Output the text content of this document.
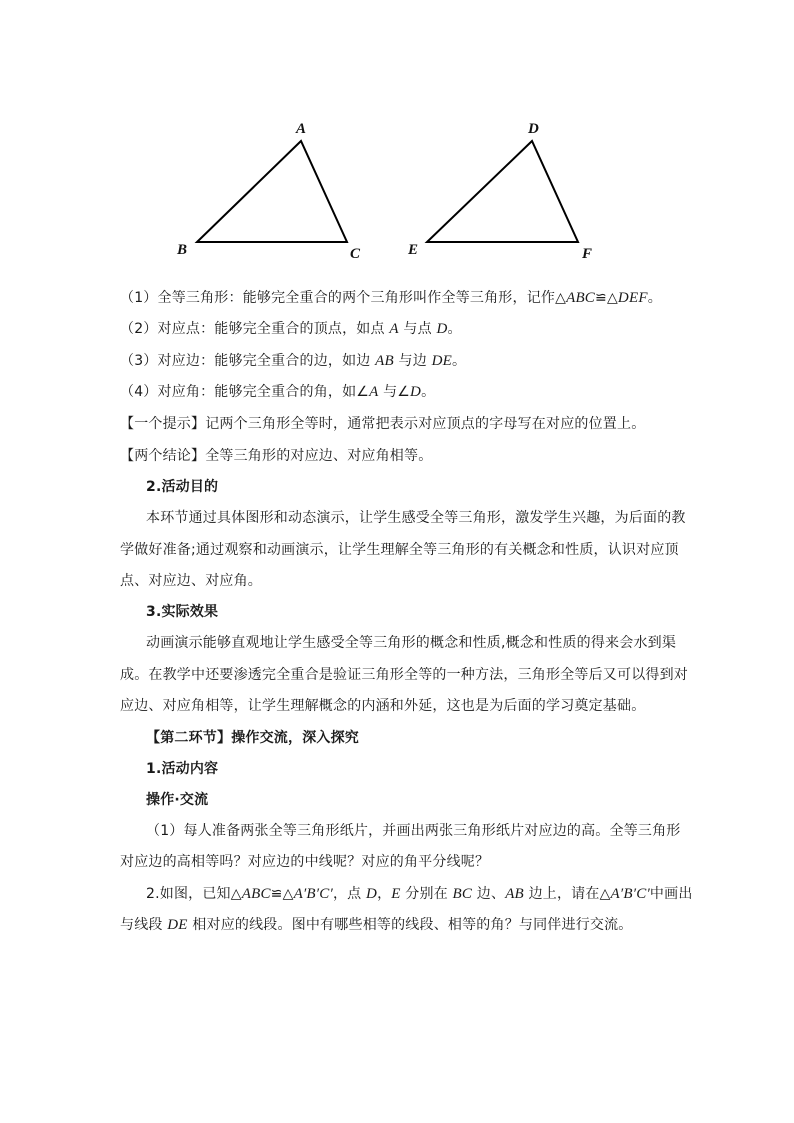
A
B	C
D
E	F
（1）全等三角形：能够完全重合的两个三角形叫作全等三角形，记作△ABC≌△DEF。
（2）对应点：能够完全重合的顶点，如点 A 与点 D。
（3）对应边：能够完全重合的边，如边 AB 与边 DE。
（4）对应角：能够完全重合的角，如∠A 与∠D。
【一个提示】记两个三角形全等时，通常把表示对应顶点的字母写在对应的位置上。
【两个结论】全等三角形的对应边、对应角相等。
2.活动目的
本环节通过具体图形和动态演示，让学生感受全等三角形，激发学生兴趣，为后面的教
学做好准备;通过观察和动画演示，让学生理解全等三角形的有关概念和性质，认识对应顶
点、对应边、对应角。
3.实际效果
动画演示能够直观地让学生感受全等三角形的概念和性质,概念和性质的得来会水到渠
成。在教学中还要渗透完全重合是验证三角形全等的一种方法，三角形全等后又可以得到对
应边、对应角相等，让学生理解概念的内涵和外延，这也是为后面的学习奠定基础。
【第二环节】操作交流，深入探究
1.活动内容
操作·交流
（1）每人准备两张全等三角形纸片，并画出两张三角形纸片对应边的高。全等三角形
对应边的高相等吗？对应边的中线呢？对应的角平分线呢？
2.如图，已知△ABC≌△A′B′C′，点 D，E 分别在 BC 边、AB 边上，请在△A′B′C′中画出
与线段 DE 相对应的线段。图中有哪些相等的线段、相等的角？与同伴进行交流。
